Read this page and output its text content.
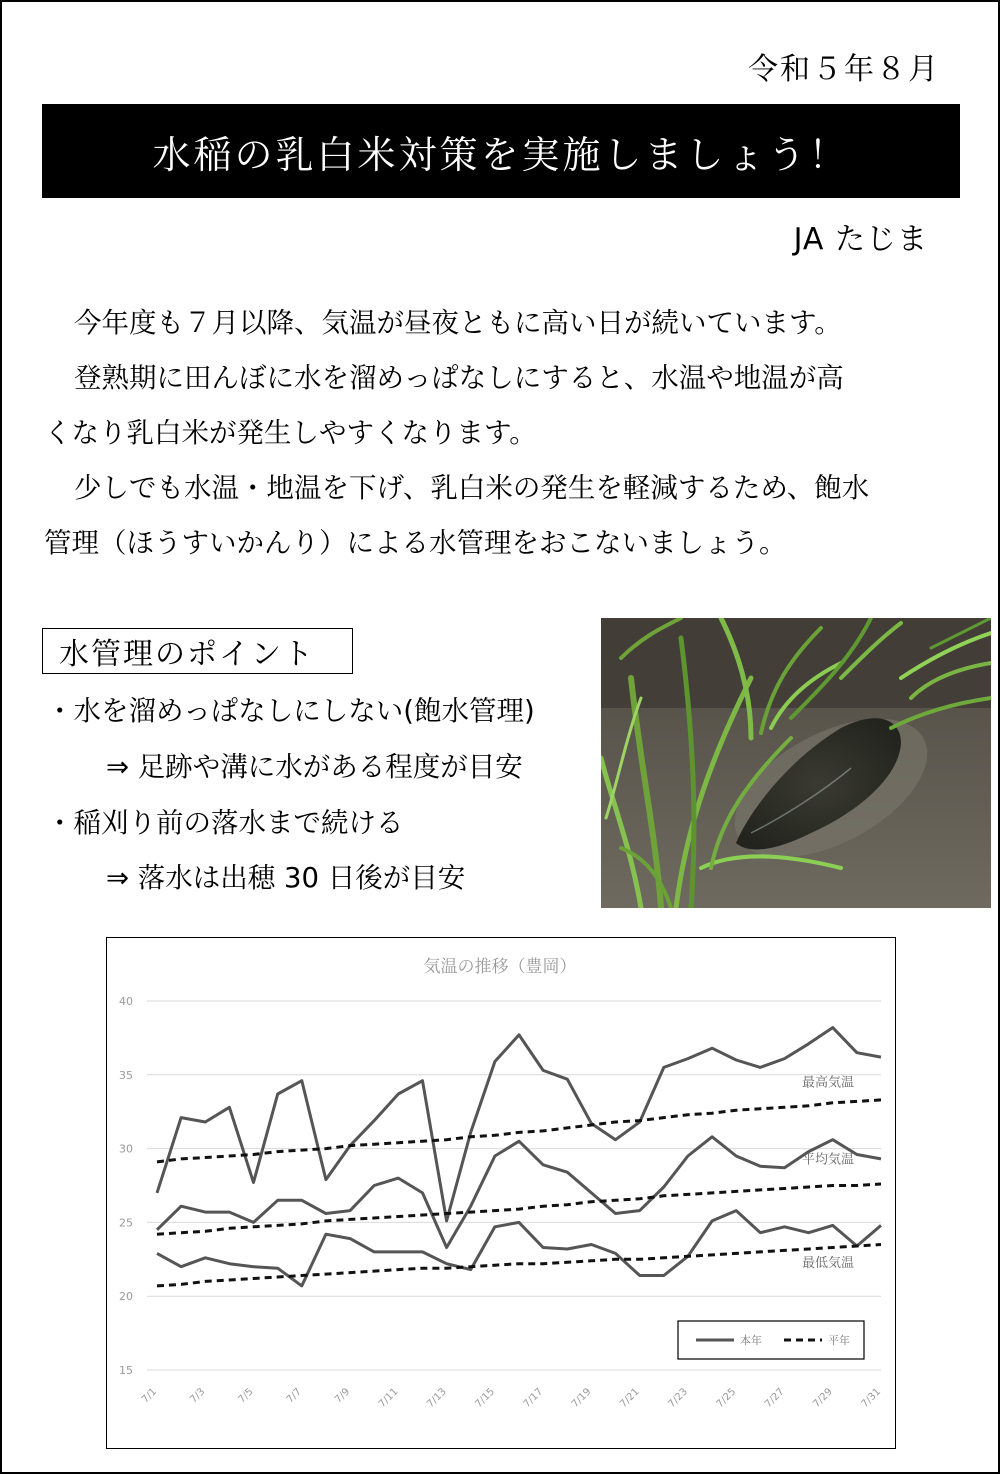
令和５年８月
水稲の乳白米対策を実施しましょう！
JA たじま

今年度も７月以降、気温が昼夜ともに高い日が続いています。

登熟期に田んぼに水を溜めっぱなしにすると、水温や地温が高

くなり乳白米が発生しやすくなります。

少しでも水温・地温を下げ、乳白米の発生を軽減するため、飽水

管理（ほうすいかんり）による水管理をおこないましょう。

水管理のポイント
・水を溜めっぱなしにしない(飽水管理)
⇒ 足跡や溝に水がある程度が目安
・稲刈り前の落水まで続ける
⇒ 落水は出穂 30 日後が目安
気温の推移（豊岡）
15
20
25
30
35
40
7/1	7/3	7/5	7/7	7/9 7/11 7/13 7/15 7/17 7/19 7/21 7/23 7/25 7/27 7/29 7/31
最高気温
平均気温
最低気温
本年	平年
